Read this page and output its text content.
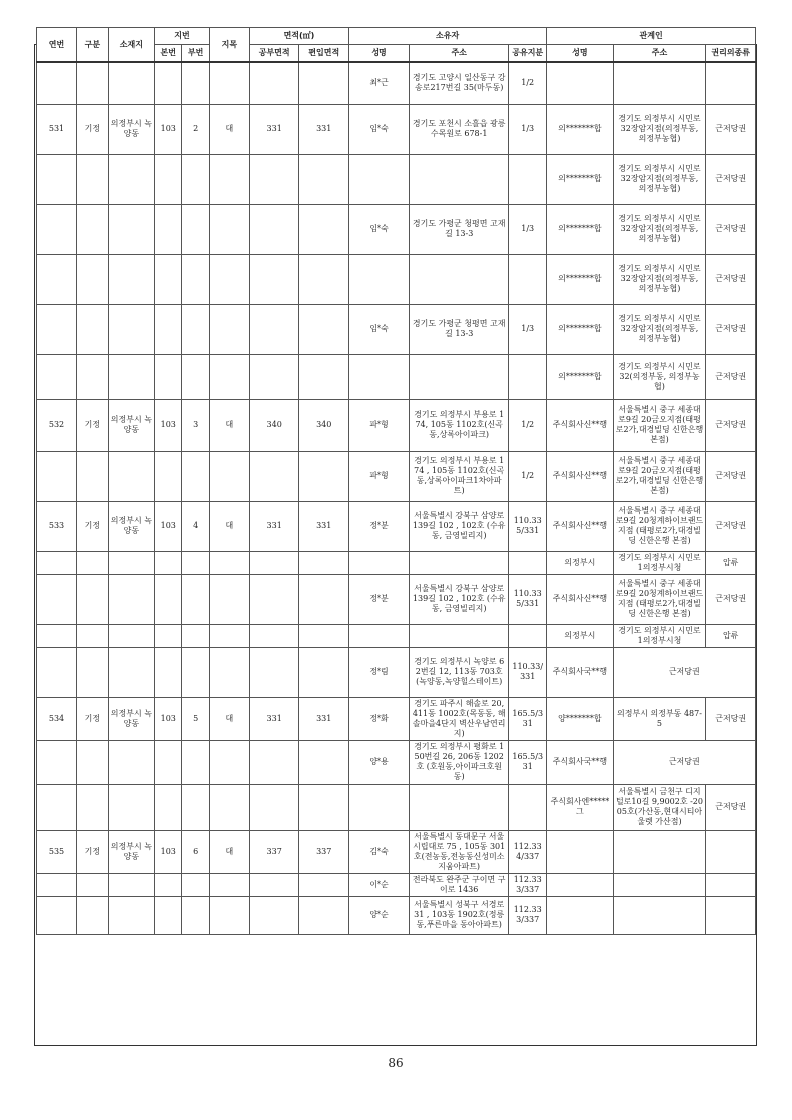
연번	구분	소재지	지번		지목	면적(㎡)		소유자			관계인		
			본번	부번		공부면적	편입면적	성명	주소	공유지분	성명	주소	권리의종류
								최*근	경기도 고양시 일산동구 강송로217번길 35(마두동)	1/2			
531	기정	의정부시 녹양동	103	2	대	331	331	임*숙	경기도 포천시 소흘읍 광릉수목원로 678-1	1/3	의*******합	경기도 의정부시 시민로 32장암지점(의정부동, 의정부농협)	근저당권
											의*******합	경기도 의정부시 시민로 32장암지점(의정부동, 의정부농협)	근저당권
								임*숙	경기도 가평군 청평면 고재길 13-3	1/3	의*******합	경기도 의정부시 시민로 32장암지점(의정부동, 의정부농협)	근저당권
											의*******합	경기도 의정부시 시민로 32장암지점(의정부동, 의정부농협)	근저당권
								임*숙	경기도 가평군 청평면 고재길 13-3	1/3	의*******합	경기도 의정부시 시민로 32장암지점(의정부동, 의정부농협)	근저당권
											의*******합	경기도 의정부시 시민로 32(의정부동, 의정부농협)	근저당권
532	기정	의정부시 녹양동	103	3	대	340	340	파*형	경기도 의정부시 부용로 174, 105동 1102호(신곡동,상록아이파크)	1/2	주식회사신**행	서울특별시 중구 세종대로9길 20금오지점(태평로2가,대경빌딩 신한은행 본점)	근저당권
								파*형	경기도 의정부시 부용로 174 , 105동 1102호(신곡동,상록아이파크1차아파트)	1/2	주식회사신**행	서울특별시 중구 세종대로9길 20금오지점(태평로2가,대경빌딩 신한은행 본점)	근저당권
533	기정	의정부시 녹양동	103	4	대	331	331	정*분	서울특별시 강북구 삼양로139길 102 , 102호 (수유동, 금영빌리지)	110.335/331	주식회사신**행	서울특별시 중구 세종대로9길 20청계하이브랜드지점 (태평로2가,대경빌딩 신한은행 본점)	근저당권
											의정부시	경기도 의정부시 시민로 1의정부시청	압류
								정*분	서울특별시 강북구 삼양로139길 102 , 102호 (수유동, 금영빌리지)	110.335/331	주식회사신**행	서울특별시 중구 세종대로9길 20청계하이브랜드지점 (태평로2가,대경빌딩 신한은행 본점)	근저당권
											의정부시	경기도 의정부시 시민로 1의정부시청	압류
								정*림	경기도 의정부시 녹양로 62번길 12, 113동 703호(녹양동,녹양힐스테이트)	110.33/331	주식회사국**행	근저당권	
534	기정	의정부시 녹양동	103	5	대	331	331	정*화	경기도 파주시 해솔로 20, 411동 1002호(목동동, 해솔마을4단지 벽산우남연리지)	165.5/331	양*******합	의정부시 의정부동 487-5	근저당권
								양*용	경기도 의정부시 평화로 150번길 26, 206동 1202호 (호원동,아이파크호원동)	165.5/331	주식회사국**행	근저당권	
											주식회사엔*****그	서울특별시 금천구 디지털로10길 9,9002호 -2005호(가산동,현대시티아울렛 가산점)	근저당권
535	기정	의정부시 녹양동	103	6	대	337	337	김*숙	서울특별시 동대문구 서울시립대로 75 , 105동 301호(전농동,전농동신성미소지움아파트)	112.334/337			
								이*순	전라북도 완주군 구이면 구이로 1436	112.333/337			
								양*순	서울특별시 성북구 서경로 31 , 103동 1902호(정릉동,푸른마을 동아아파트)	112.333/337			
86
